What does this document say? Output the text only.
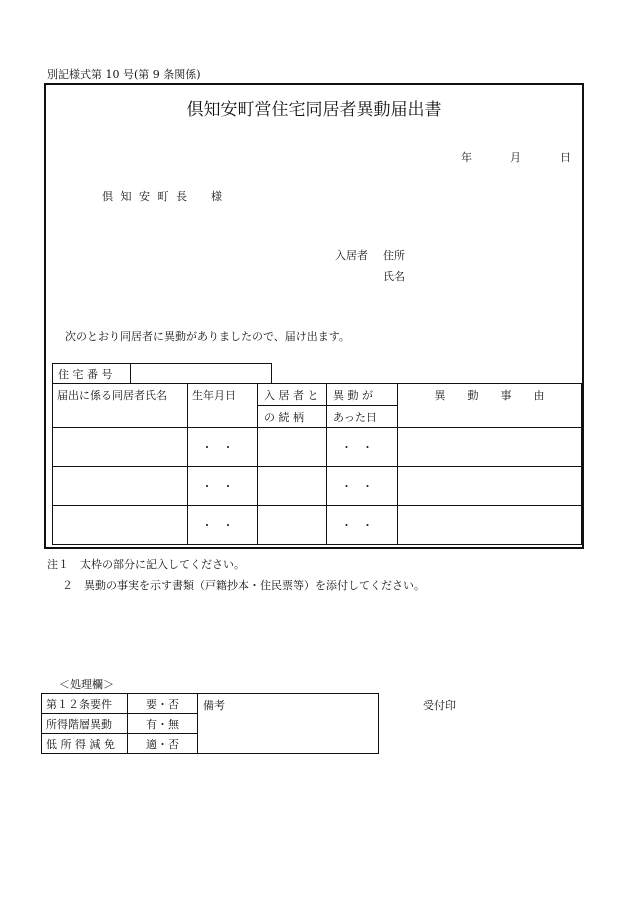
別記様式第 10 号(第 9 条関係)
倶知安町営住宅同居者異動届出書
年	月	日
倶 知 安 町 長 様
入居者 住所
氏名
次のとおり同居者に異動がありましたので、届け出ます。
住 宅 番 号	
届出に係る同居者氏名	生年月日	入 居 者 と	異 動 が	異　　動　　事　　由
		の 続 柄	あった日	
	・・		・・	
	・・		・・	
	・・		・・	
注１　太枠の部分に記入してください。
２　異動の事実を示す書類（戸籍抄本・住民票等）を添付してください。
＜処理欄＞
第１２条要件	要・否	備考
所得階層異動	有・無	
低 所 得 減 免	適・否	
受付印
